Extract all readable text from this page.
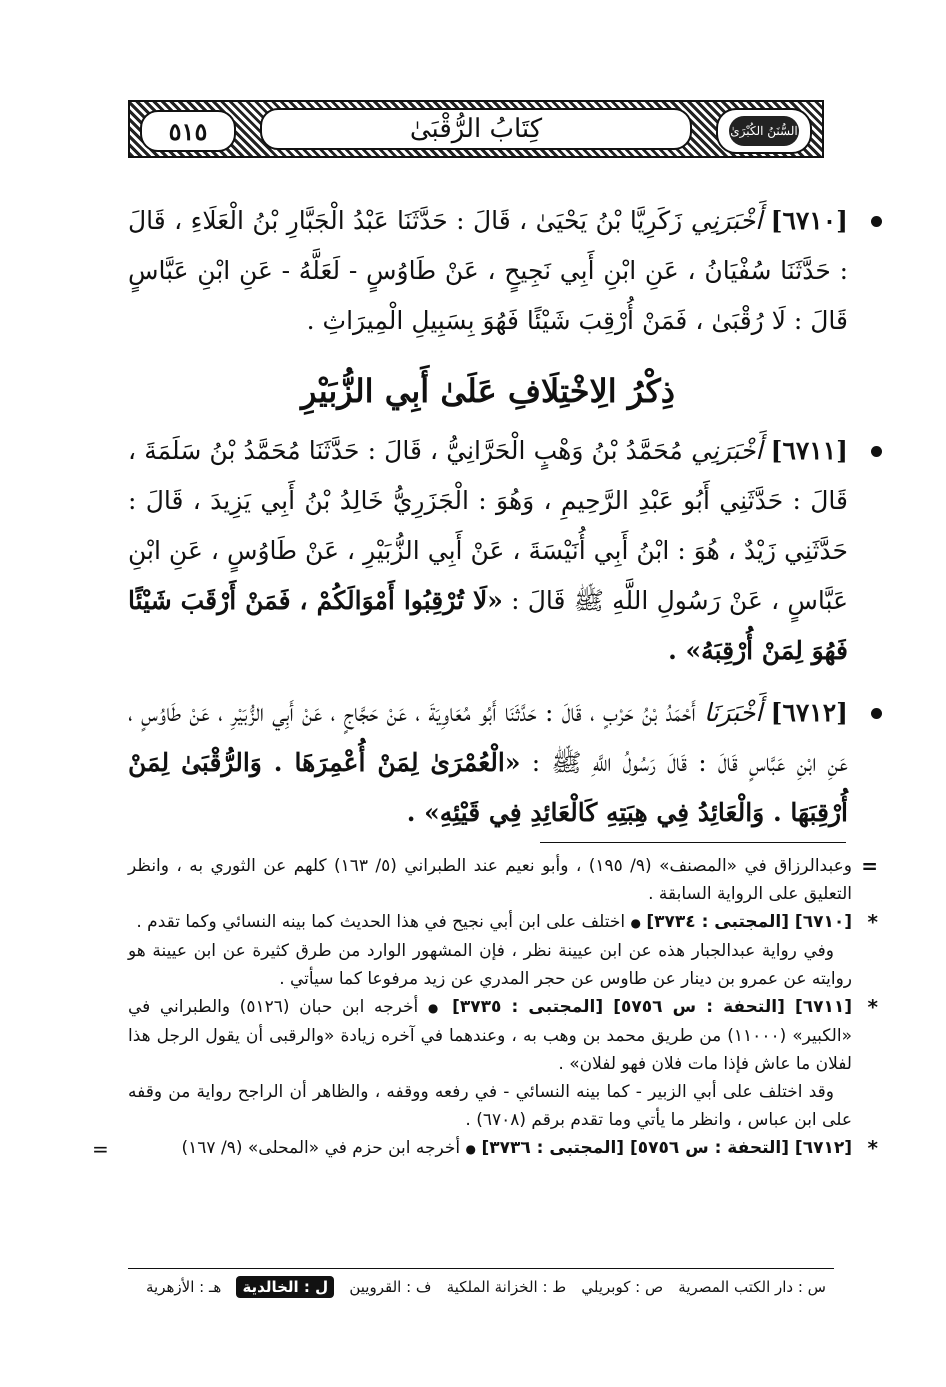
٥١٥	كِتَابُ الرُّقْبَىٰ	السُّنَنُ الكُبْرَىٰ

[٦٧١٠] أَخْبَرَنِي زَكَرِيَّا بْنُ يَحْيَىٰ ، قَالَ : حَدَّثَنَا عَبْدُ الْجَبَّارِ بْنُ الْعَلَاءِ ، قَالَ : حَدَّثَنَا سُفْيَانُ ، عَنِ ابْنِ أَبِي نَجِيحٍ ، عَنْ طَاوُسٍ - لَعَلَّهُ - عَنِ ابْنِ عَبَّاسٍ قَالَ : لَا رُقْبَىٰ ، فَمَنْ أُرْقِبَ شَيْئًا فَهُوَ بِسَبِيلِ الْمِيرَاثِ .

ذِكْرُ الِاخْتِلَافِ عَلَىٰ أَبِي الزُّبَيْرِ

[٦٧١١] أَخْبَرَنِي مُحَمَّدُ بْنُ وَهْبٍ الْحَرَّانِيُّ ، قَالَ : حَدَّثَنَا مُحَمَّدُ بْنُ سَلَمَةَ ، قَالَ : حَدَّثَنِي أَبُو عَبْدِ الرَّحِيمِ ، وَهُوَ : الْجَزَرِيُّ خَالِدُ بْنُ أَبِي يَزِيدَ ، قَالَ : حَدَّثَنِي زَيْدٌ ، هُوَ : ابْنُ أَبِي أُنَيْسَةَ ، عَنْ أَبِي الزُّبَيْرِ ، عَنْ طَاوُسٍ ، عَنِ ابْنِ عَبَّاسٍ ، عَنْ رَسُولِ اللَّهِ ﷺ قَالَ : «لَا تُرْقِبُوا أَمْوَالَكُمْ ، فَمَنْ أَرْقَبَ شَيْئًا فَهُوَ لِمَنْ أُرْقِبَهُ» .

[٦٧١٢] أَخْبَرَنَا أَحْمَدُ بْنُ حَرْبٍ ، قَالَ : حَدَّثَنَا أَبُو مُعَاوِيَةَ ، عَنْ حَجَّاجٍ ، عَنْ أَبِي الزُّبَيْرِ ، عَنْ طَاوُسٍ ، عَنِ ابْنِ عَبَّاسٍ قَالَ : قَالَ رَسُولُ اللَّهِ ﷺ : «الْعُمْرَىٰ لِمَنْ أُعْمِرَهَا . وَالرُّقْبَىٰ لِمَنْ أُرْقِبَهَا . وَالْعَائِدُ فِي هِبَتِهِ كَالْعَائِدِ فِي قَيْئِهِ» .

=
وعبدالرزاق في «المصنف» (٩/ ١٩٥) ، وأبو نعيم عند الطبراني (٥/ ١٦٣) كلهم عن الثوري به ، وانظر التعليق على الرواية السابقة .

*
[٦٧١٠] [المجتبى : ٣٧٣٤] ● اختلف على ابن أبي نجيح في هذا الحديث كما بينه النسائي وكما تقدم .

وفي رواية عبدالجبار هذه عن ابن عيينة نظر ، فإن المشهور الوارد من طرق كثيرة عن ابن عيينة هو روايته عن عمرو بن دينار عن طاوس عن حجر المدري عن زيد مرفوعا كما سيأتي .

*
[٦٧١١] [التحفة : س ٥٧٥٦] [المجتبى : ٣٧٣٥] ● أخرجه ابن حبان (٥١٢٦) والطبراني في «الكبير» (١١٠٠٠) من طريق محمد بن وهب به ، وعندهما في آخره زيادة «والرقبى أن يقول الرجل هذا لفلان ما عاش فإذا مات فلان فهو لفلان» .

وقد اختلف على أبي الزبير - كما بينه النسائي - في رفعه ووقفه ، والظاهر أن الراجح رواية من وقفه على ابن عباس ، وانظر ما يأتي وما تقدم برقم (٦٧٠٨) .

*
[٦٧١٢] [التحفة : س ٥٧٥٦] [المجتبى : ٣٧٣٦] ● أخرجه ابن حزم في «المحلى» (٩/ ١٦٧)
=

س : دار الكتب المصرية
ص : كوبريلي
ط : الخزانة الملكية
ف : القرويين
ل : الخالدية
هـ : الأزهرية
